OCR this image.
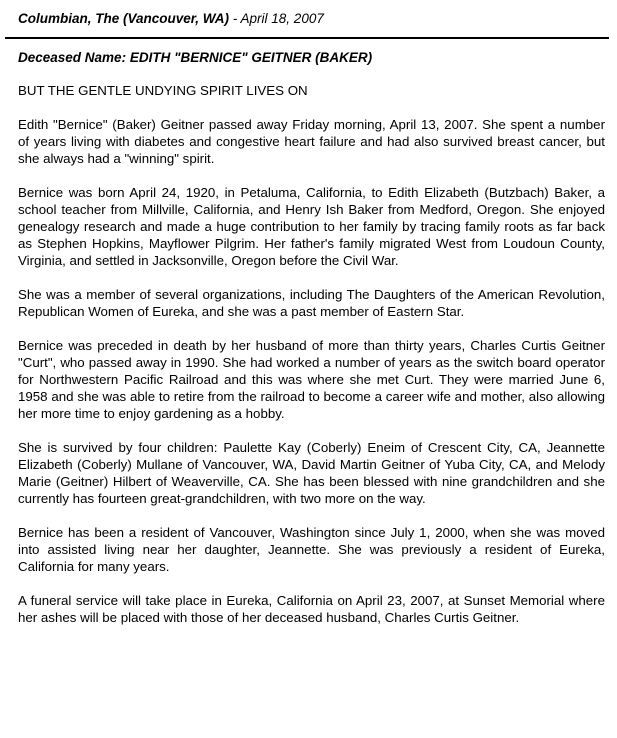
Columbian, The (Vancouver, WA) - April 18, 2007
Deceased Name: EDITH "BERNICE" GEITNER (BAKER)

BUT THE GENTLE UNDYING SPIRIT LIVES ON

Edith "Bernice" (Baker) Geitner passed away Friday morning, April 13, 2007. She spent a number of years living with diabetes and congestive heart failure and had also survived breast cancer, but she always had a "winning" spirit.

Bernice was born April 24, 1920, in Petaluma, California, to Edith Elizabeth (Butzbach) Baker, a school teacher from Millville, California, and Henry Ish Baker from Medford, Oregon. She enjoyed genealogy research and made a huge contribution to her family by tracing family roots as far back as Stephen Hopkins, Mayflower Pilgrim. Her father's family migrated West from Loudoun County, Virginia, and settled in Jacksonville, Oregon before the Civil War.

She was a member of several organizations, including The Daughters of the American Revolution, Republican Women of Eureka, and she was a past member of Eastern Star.

Bernice was preceded in death by her husband of more than thirty years, Charles Curtis Geitner "Curt", who passed away in 1990. She had worked a number of years as the switch board operator for Northwestern Pacific Railroad and this was where she met Curt. They were married June 6, 1958 and she was able to retire from the railroad to become a career wife and mother, also allowing her more time to enjoy gardening as a hobby.

She is survived by four children: Paulette Kay (Coberly) Eneim of Crescent City, CA, Jeannette Elizabeth (Coberly) Mullane of Vancouver, WA, David Martin Geitner of Yuba City, CA, and Melody Marie (Geitner) Hilbert of Weaverville, CA. She has been blessed with nine grandchildren and she currently has fourteen great-grandchildren, with two more on the way.

Bernice has been a resident of Vancouver, Washington since July 1, 2000, when she was moved into assisted living near her daughter, Jeannette. She was previously a resident of Eureka, California for many years.

A funeral service will take place in Eureka, California on April 23, 2007, at Sunset Memorial where her ashes will be placed with those of her deceased husband, Charles Curtis Geitner.
